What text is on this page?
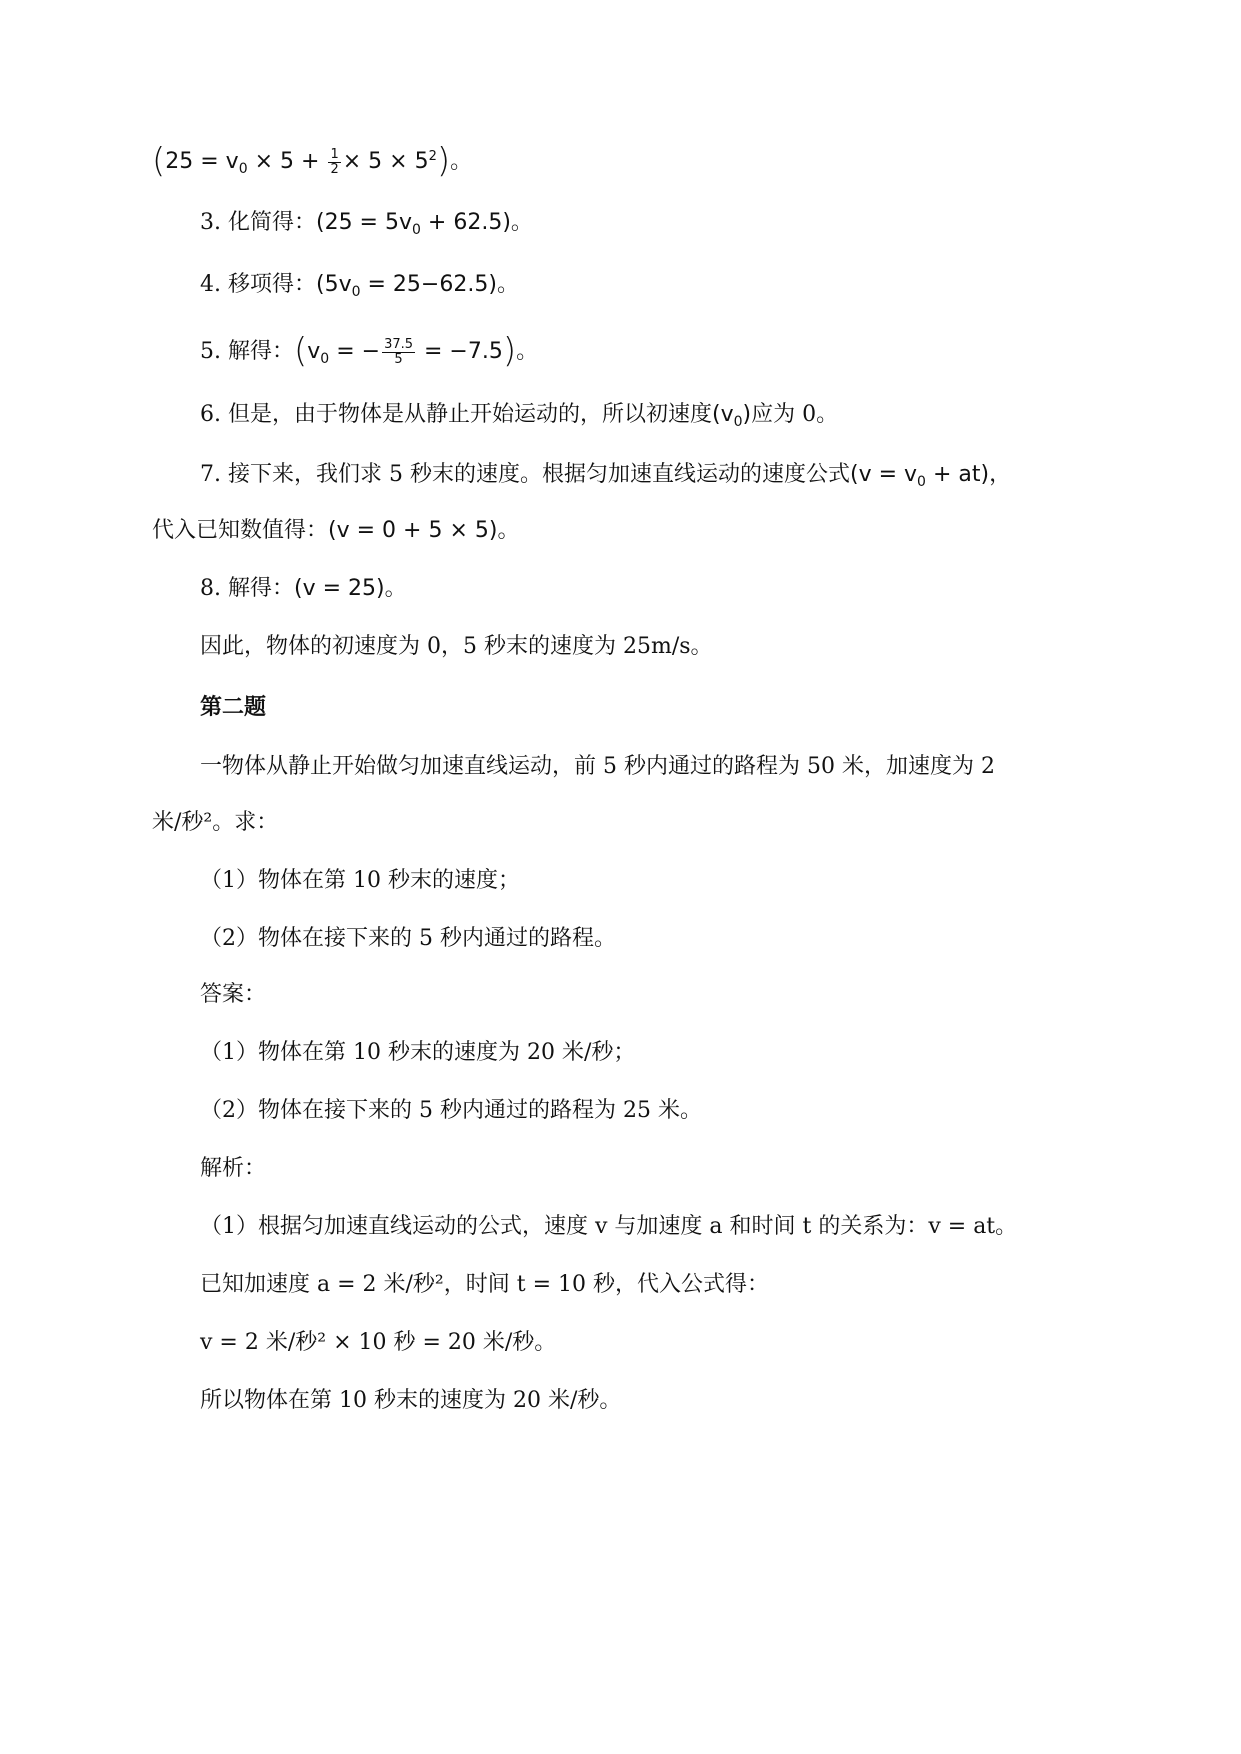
$(25 = v_0 \times 5 + \frac{1}{2} \times 5 \times 5^2)$。
3. 化简得：$(25 = 5v_0 + 62.5)$。
4. 移项得：$(5v_0 = 25-62.5)$。
5. 解得：($v_0$ = − $\frac{37.5}{5} = -7.5$)。
6. 但是，由于物体是从静止开始运动的，所以初速度$(v_0)$应为 0。
7. 接下来，我们求 5 秒末的速度。根据匀加速直线运动的速度公式$(v = v_0 + at)$，
代入已知数值得：(v = 0 + 5 × 5)。
8. 解得：(v = 25)。
因此，物体的初速度为 0，5 秒末的速度为 25m/s。
第二题
一物体从静止开始做匀加速直线运动，前 5 秒内通过的路程为 50 米，加速度为 2
米/秒²。求：
（1）物体在第 10 秒末的速度；
（2）物体在接下来的 5 秒内通过的路程。
答案：
（1）物体在第 10 秒末的速度为 20 米/秒；
（2）物体在接下来的 5 秒内通过的路程为 25 米。
解析：
（1）根据匀加速直线运动的公式，速度 v 与加速度 a 和时间 t 的关系为：v = at。
已知加速度 a = 2 米/秒²，时间 t = 10 秒，代入公式得：
v = 2 米/秒² × 10 秒 = 20 米/秒。
所以物体在第 10 秒末的速度为 20 米/秒。
